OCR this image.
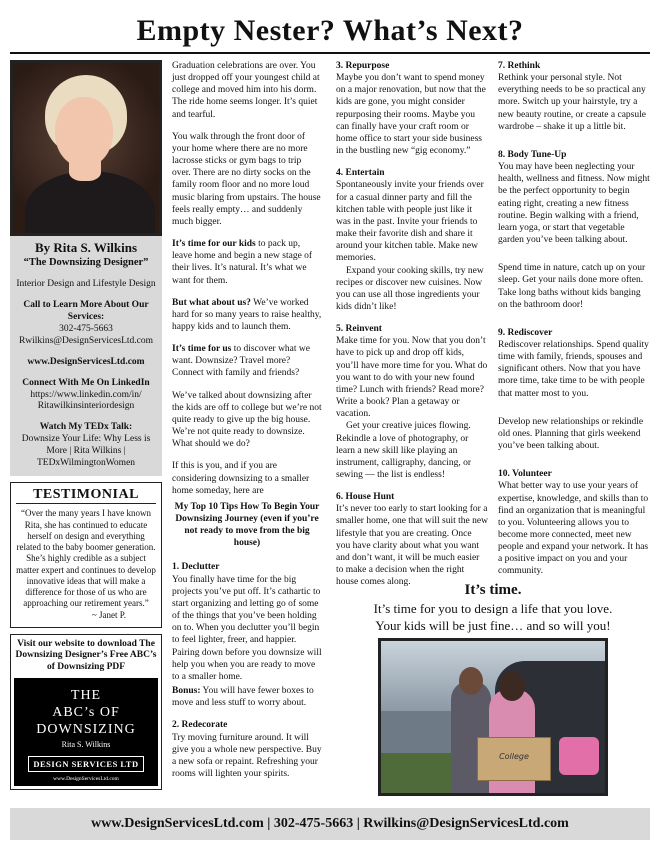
Empty Nester? What’s Next?
By Rita S. Wilkins
“The Downsizing Designer”

Interior Design and Lifestyle Design

Call to Learn More About Our Services:
302-475-5663
Rwilkins@DesignServicesLtd.com

www.DesignServicesLtd.com

Connect With Me On LinkedIn
https://www.linkedin.com/in/ Ritawilkinsinteriordesign

Watch My TEDx Talk:
Downsize Your Life: Why Less is More | Rita Wilkins | TEDxWilmingtonWomen

TESTIMONIAL
“Over the many years I have known Rita, she has continued to educate herself on design and everything related to the baby boomer generation. She’s highly credible as a subject matter expert and continues to develop innovative ideas that will make a difference for those of us who are approaching our retirement years.”
~ Janet P.
Visit our website to download The Downsizing Designer’s Free ABC’s of Downsizing PDF
THE
ABC’s OF DOWNSIZING
Rita S. Wilkins
DESIGN SERVICES LTD
www.DesignServicesLtd.com

Graduation celebrations are over. You just dropped off your youngest child at college and moved him into his dorm. The ride home seems longer. It’s quiet and tearful.

You walk through the front door of your home where there are no more lacrosse sticks or gym bags to trip over. There are no dirty socks on the family room floor and no more loud music blaring from upstairs. The house feels really empty… and suddenly much bigger.

It’s time for our kids to pack up, leave home and begin a new stage of their lives. It’s natural. It’s what we want for them.

But what about us? We’ve worked hard for so many years to raise healthy, happy kids and to launch them.

It’s time for us to discover what we want. Downsize? Travel more? Connect with family and friends?

We’ve talked about downsizing after the kids are off to college but we’re not quite ready to give up the big house. We’re not quite ready to downsize. What should we do?

If this is you, and if you are considering downsizing to a smaller home someday, here are

My Top 10 Tips How To Begin Your Downsizing Journey (even if you’re not ready to move from the big house)
1. Declutter
You finally have time for the big projects you’ve put off. It’s cathartic to start organizing and letting go of some of the things that you’ve been holding on to. When you declutter you’ll begin to feel lighter, freer, and happier. Pairing down before you downsize will help you when you are ready to move to a smaller home.

Bonus: You will have fewer boxes to move and less stuff to worry about.

2. Redecorate
Try moving furniture around. It will give you a whole new perspective. Buy a new sofa or repaint. Refreshing your rooms will lighten your spirits.
3. Repurpose

Maybe you don’t want to spend money on a major renovation, but now that the kids are gone, you might consider repurposing their rooms. Maybe you can finally have your craft room or home office to start your side business in the bustling new “gig economy.”

4. Entertain
Spontaneously invite your friends over for a casual dinner party and fill the kitchen table with people just like it was in the past. Invite your friends to make their favorite dish and share it around your kitchen table. Make new memories.

Expand your cooking skills, try new recipes or discover new cuisines. Now you can use all those ingredients your kids didn’t like!

5. Reinvent
Make time for you. Now that you don’t have to pick up and drop off kids, you’ll have more time for you. What do you want to do with your new found time? Lunch with friends? Read more? Write a book? Plan a getaway or vacation.

Get your creative juices flowing. Rekindle a love of photography, or learn a new skill like playing an instrument, calligraphy, dancing, or sewing — the list is endless!

6. House Hunt

It’s never too early to start looking for a smaller home, one that will suit the new lifestyle that you are creating. Once you have clarity about what you want and don’t want, it will be much easier to make a decision when the right house comes along.

7. Rethink

Rethink your personal style. Not everything needs to be so practical any more. Switch up your hairstyle, try a new beauty routine, or create a capsule wardrobe – shake it up a little bit.

8. Body Tune-Up

You may have been neglecting your health, wellness and fitness. Now might be the perfect opportunity to begin eating right, creating a new fitness routine. Begin walking with a friend, learn yoga, or start that vegetable garden you’ve been talking about.

Spend time in nature, catch up on your sleep. Get your nails done more often. Take long baths without kids banging on the bathroom door!

9. Rediscover

Rediscover relationships. Spend quality time with family, friends, spouses and significant others. Now that you have more time, take time to be with people that matter most to you.

Develop new relationships or rekindle old ones. Planning that girls weekend you’ve been talking about.

10. Volunteer

What better way to use your years of expertise, knowledge, and skills than to find an organization that is meaningful to you. Volunteering allows you to become more connected, meet new people and expand your network. It has a positive impact on you and your community.

It’s time.
It’s time for you to design a life that you love.
Your kids will be just fine… and so will you!
College
www.DesignServicesLtd.com | 302-475-5663 | Rwilkins@DesignServicesLtd.com
